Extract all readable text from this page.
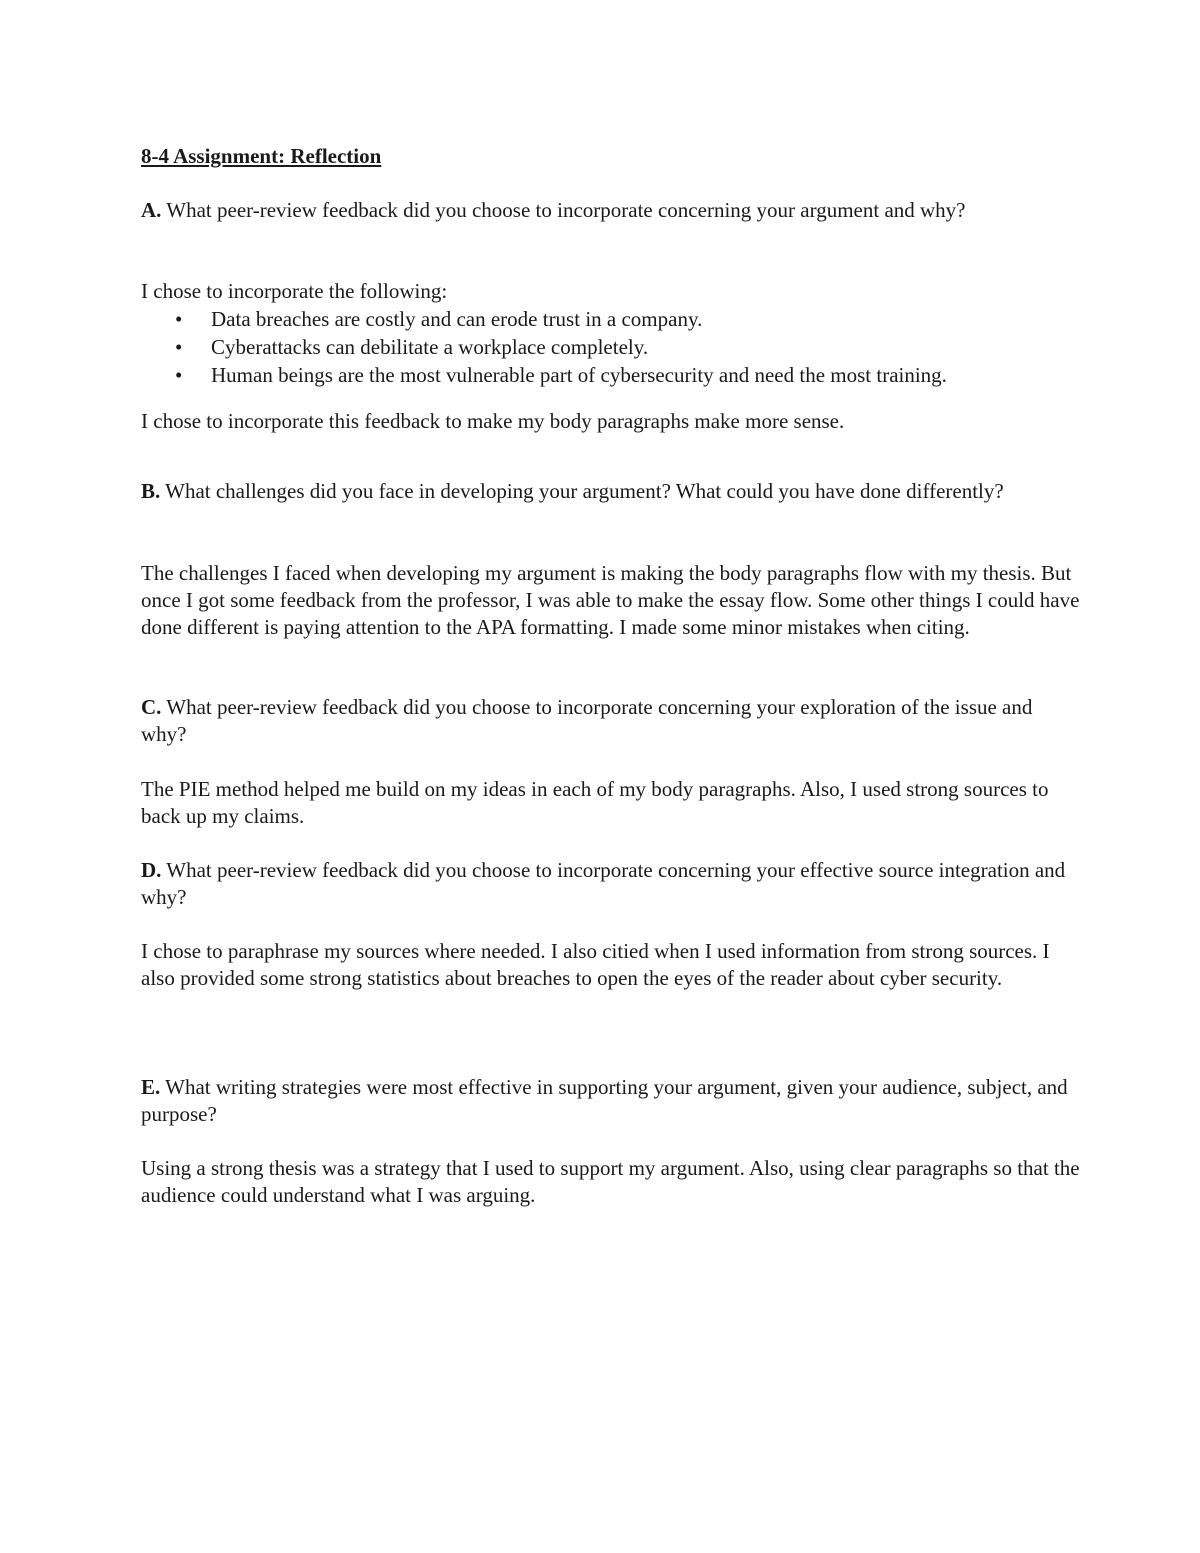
8-4 Assignment: Reflection
A. What peer-review feedback did you choose to incorporate concerning your argument and why?
I chose to incorporate the following:
• Data breaches are costly and can erode trust in a company.
• Cyberattacks can debilitate a workplace completely.
• Human beings are the most vulnerable part of cybersecurity and need the most training.
I chose to incorporate this feedback to make my body paragraphs make more sense.
B. What challenges did you face in developing your argument? What could you have done differently?
The challenges I faced when developing my argument is making the body paragraphs flow with my thesis. But once I got some feedback from the professor, I was able to make the essay flow. Some other things I could have done different is paying attention to the APA formatting. I made some minor mistakes when citing.
C. What peer-review feedback did you choose to incorporate concerning your exploration of the issue and why?
The PIE method helped me build on my ideas in each of my body paragraphs. Also, I used strong sources to back up my claims.
D. What peer-review feedback did you choose to incorporate concerning your effective source integration and why?
I chose to paraphrase my sources where needed. I also citied when I used information from strong sources. I also provided some strong statistics about breaches to open the eyes of the reader about cyber security.
E. What writing strategies were most effective in supporting your argument, given your audience, subject, and purpose?
Using a strong thesis was a strategy that I used to support my argument. Also, using clear paragraphs so that the audience could understand what I was arguing.
